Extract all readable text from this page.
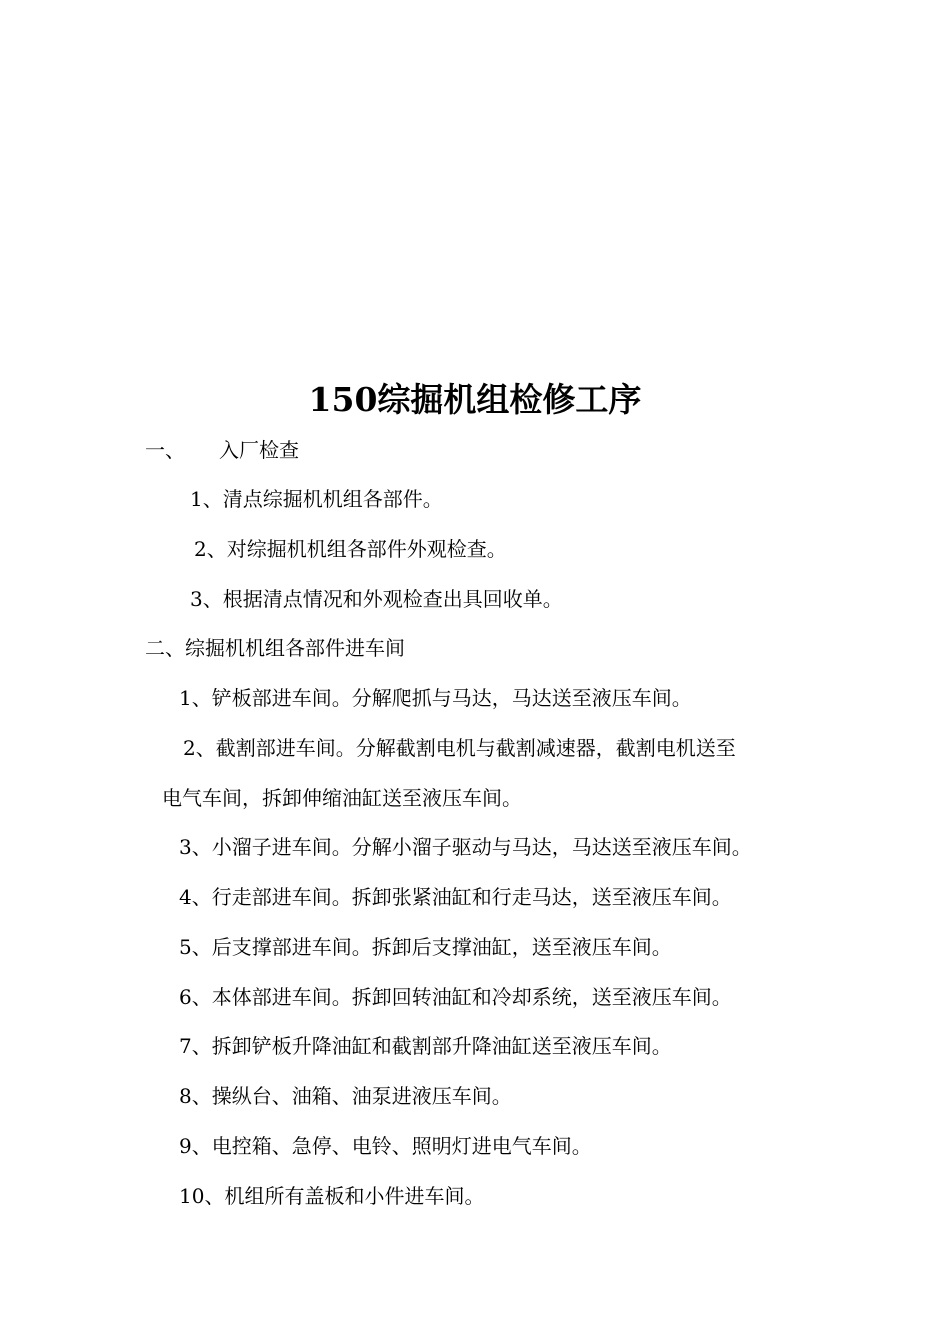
150综掘机组检修工序
一、 入厂检查
1、清点综掘机机组各部件。
2、对综掘机机组各部件外观检查。
3、根据清点情况和外观检查出具回收单。
二、综掘机机组各部件进车间
1、铲板部进车间。分解爬抓与马达，马达送至液压车间。
2、截割部进车间。分解截割电机与截割减速器，截割电机送至
电气车间，拆卸伸缩油缸送至液压车间。
3、小溜子进车间。分解小溜子驱动与马达，马达送至液压车间。
4、行走部进车间。拆卸张紧油缸和行走马达，送至液压车间。
5、后支撑部进车间。拆卸后支撑油缸，送至液压车间。
6、本体部进车间。拆卸回转油缸和冷却系统，送至液压车间。
7、拆卸铲板升降油缸和截割部升降油缸送至液压车间。
8、操纵台、油箱、油泵进液压车间。
9、电控箱、急停、电铃、照明灯进电气车间。
10、机组所有盖板和小件进车间。
